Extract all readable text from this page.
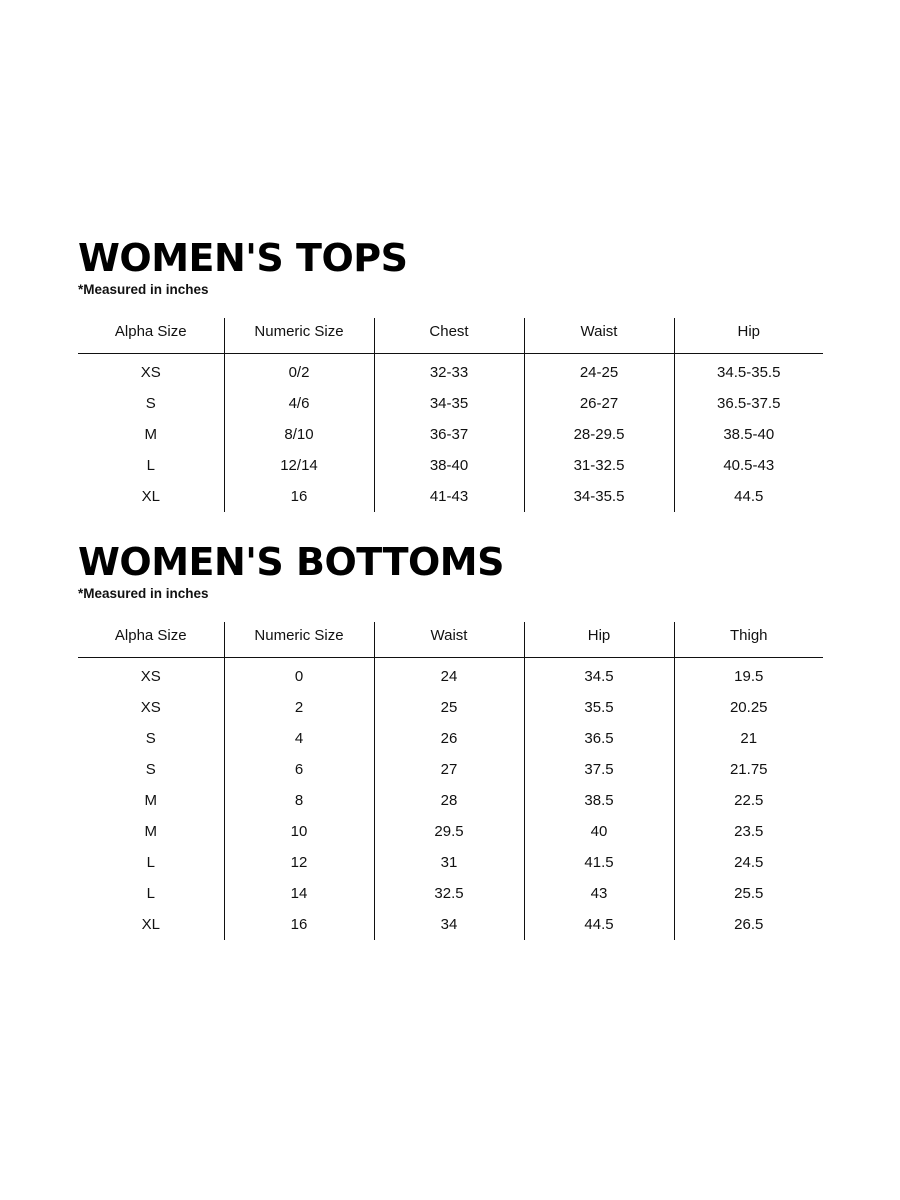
WOMEN'S TOPS

*Measured in inches

Alpha Size	Numeric Size	Chest	Waist	Hip
XS	0/2	32-33	24-25	34.5-35.5
S	4/6	34-35	26-27	36.5-37.5
M	8/10	36-37	28-29.5	38.5-40
L	12/14	38-40	31-32.5	40.5-43
XL	16	41-43	34-35.5	44.5
WOMEN'S BOTTOMS

*Measured in inches

Alpha Size	Numeric Size	Waist	Hip	Thigh
XS	0	24	34.5	19.5
XS	2	25	35.5	20.25
S	4	26	36.5	21
S	6	27	37.5	21.75
M	8	28	38.5	22.5
M	10	29.5	40	23.5
L	12	31	41.5	24.5
L	14	32.5	43	25.5
XL	16	34	44.5	26.5
